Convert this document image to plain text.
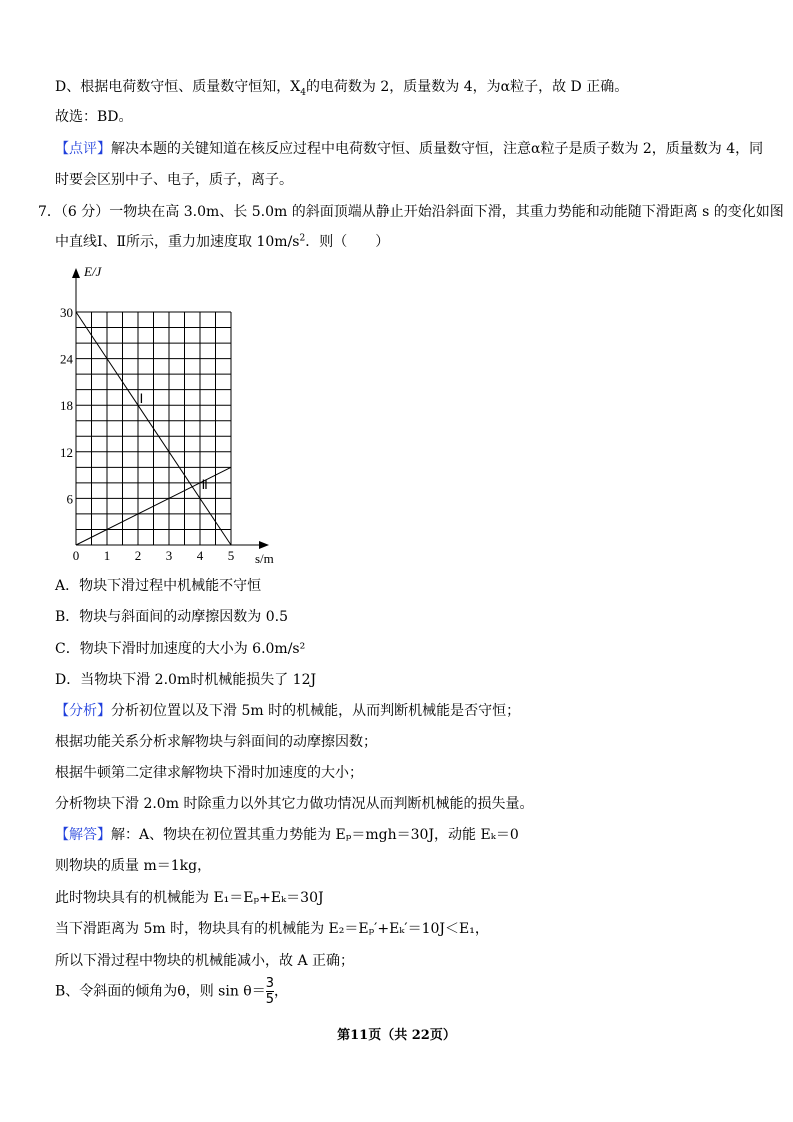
D、根据电荷数守恒、质量数守恒知，$X_4$的电荷数为 2，质量数为 4，为α粒子，故 D 正确。
故选：BD。
【点评】解决本题的关键知道在核反应过程中电荷数守恒、质量数守恒，注意α粒子是质子数为 2，质量数为 4，同
时要会区别中子、电子，质子，离子。
7．（6 分）一物块在高 3.0m、长 5.0m 的斜面顶端从静止开始沿斜面下滑，其重力势能和动能随下滑距离 s 的变化如图
中直线Ⅰ、Ⅱ所示，重力加速度取 $10m/s^2$．则（　　）
0 1 2 3 4 5
6
12
18
24
30
E/J
s/m
Ⅰ
Ⅱ
A．物块下滑过程中机械能不守恒
B．物块与斜面间的动摩擦因数为 0.5
C．物块下滑时加速度的大小为 6.0m/s²
D．当物块下滑 2.0m时机械能损失了 12J
【分析】分析初位置以及下滑 5m 时的机械能，从而判断机械能是否守恒；
根据功能关系分析求解物块与斜面间的动摩擦因数；
根据牛顿第二定律求解物块下滑时加速度的大小；
分析物块下滑 2.0m 时除重力以外其它力做功情况从而判断机械能的损失量。
【解答】解：A、物块在初位置其重力势能为 Eₚ＝mgh＝30J，动能 Eₖ＝0
则物块的质量 m＝1kg，
此时物块具有的机械能为 E₁＝Eₚ+Eₖ＝30J
当下滑距离为 5m 时，物块具有的机械能为 E₂＝Eₚ′+Eₖ′＝10J＜E₁，
所以下滑过程中物块的机械能减小，故 A 正确；
B、令斜面的倾角为θ，则 $\sin \theta= \frac{3}{5}$ ，
第11页（共 22页）
